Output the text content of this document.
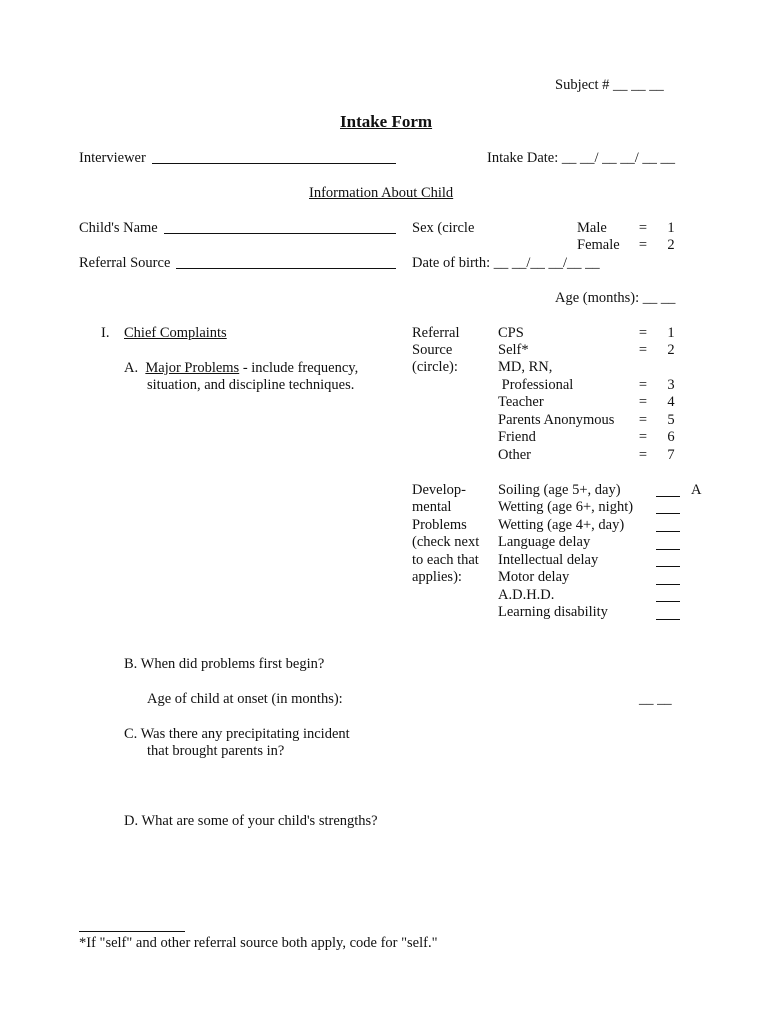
Subject # __ __ __
Intake Form
Interviewer	Intake Date: __ __/ __ __/ __ __
Information About Child
Child's Name	Sex (circle	Male = 1
Female = 2
Referral Source	Date of birth: __ __/__ __/__ __
Age (months): __ __
I. Chief Complaints
A. Major Problems - include frequency,
situation, and discipline techniques.
Referral
Source
(circle):
CPS	= 1
Self*	= 2
MD, RN,
Professional	= 3
Teacher	= 4
Parents Anonymous = 5
Friend	= 6
Other	= 7
Develop-
mental
Problems
(check next
to each that
applies):
Soiling (age 5+, day)	A
Wetting (age 6+, night)
Wetting (age 4+, day)
Language delay
Intellectual delay
Motor delay
A.D.H.D.
Learning disability
B. When did problems first begin?
Age of child at onset (in months):	__ __
C. Was there any precipitating incident
that brought parents in?
D. What are some of your child's strengths?
*If "self" and other referral source both apply, code for "self."
